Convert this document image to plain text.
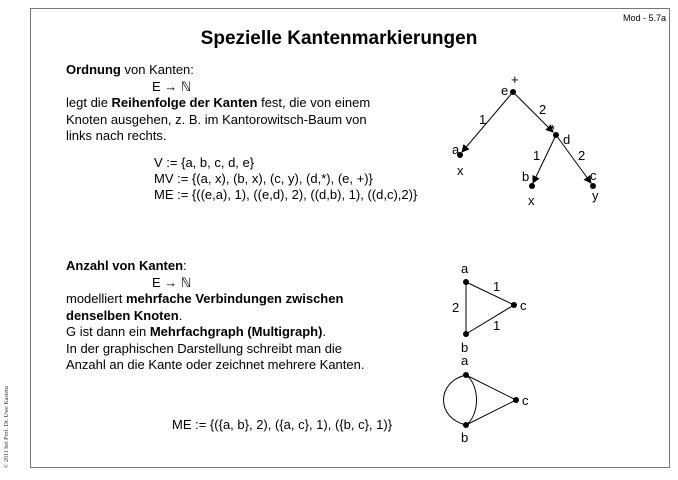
Mod - 5.7a
Spezielle Kantenmarkierungen
© 2011 bei Prof. Dr. Uwe Kastens
Ordnung von Kanten:
E → ℕ
legt die Reihenfolge der Kanten fest, die von einem
Knoten ausgehen, z. B. im Kantorowitsch-Baum von
links nach rechts.
V := {a, b, c, d, e}
MV := {(a, x), (b, x), (c, y), (d,*), (e, +)}
ME := {((e,a), 1), ((e,d), 2), ((d,b), 1), ((d,c),2)}
Anzahl von Kanten:
E → ℕ
modelliert mehrfache Verbindungen zwischen
denselben Knoten.
G ist dann ein Mehrfachgraph (Multigraph).
In der graphischen Darstellung schreibt man die
Anzahl an die Kante oder zeichnet mehrere Kanten.
ME := {({a, b}, 2), ({a, c}, 1), ({b, c}, 1)}
e
d
a
b	c
+
*
x
x	y
1
2
1	2
a
b
c
1
2
1
a
b
c
